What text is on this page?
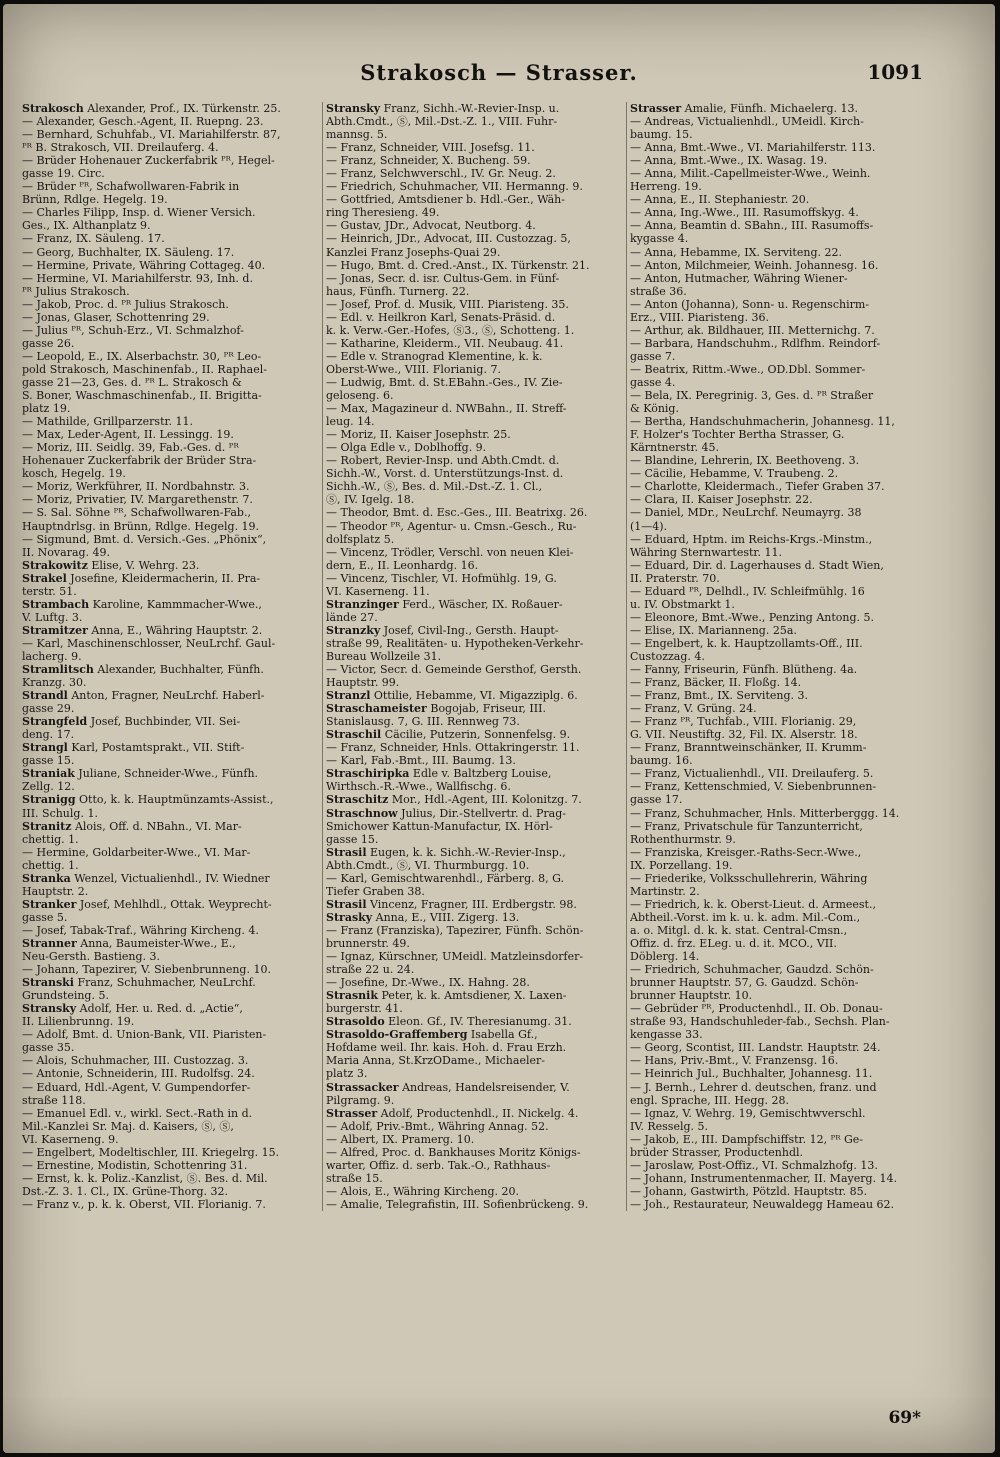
Strakosch — Strasser.	1091
Strakosch Alexander, Prof., IX. Türkenstr. 25.
— Alexander, Gesch.-Agent, II. Ruepng. 23.
— Bernhard, Schuhfab., VI. Mariahilferstr. 87,
ᴾᴿ B. Strakosch, VII. Dreilauferg. 4.
— Brüder Hohenauer Zuckerfabrik ᴾᴿ, Hegel-
gasse 19. Circ.
— Brüder ᴾᴿ, Schafwollwaren-Fabrik in
Brünn, Rdlge. Hegelg. 19.
— Charles Filipp, Insp. d. Wiener Versich.
Ges., IX. Althanplatz 9.
— Franz, IX. Säuleng. 17.
— Georg, Buchhalter, IX. Säuleng. 17.
— Hermine, Private, Währing Cottageg. 40.
— Hermine, VI. Mariahilferstr. 93, Inh. d.
ᴾᴿ Julius Strakosch.
— Jakob, Proc. d. ᴾᴿ Julius Strakosch.
— Jonas, Glaser, Schottenring 29.
— Julius ᴾᴿ, Schuh-Erz., VI. Schmalzhof-
gasse 26.
— Leopold, E., IX. Alserbachstr. 30, ᴾᴿ Leo-
pold Strakosch, Maschinenfab., II. Raphael-
gasse 21—23, Ges. d. ᴾᴿ L. Strakosch &
S. Boner, Waschmaschinenfab., II. Brigitta-
platz 19.
— Mathilde, Grillparzerstr. 11.
— Max, Leder-Agent, II. Lessingg. 19.
— Moriz, III. Seidlg. 39, Fab.-Ges. d. ᴾᴿ
Hohenauer Zuckerfabrik der Brüder Stra-
kosch, Hegelg. 19.
— Moriz, Werkführer, II. Nordbahnstr. 3.
— Moriz, Privatier, IV. Margarethenstr. 7.
— S. Sal. Söhne ᴾᴿ, Schafwollwaren-Fab.,
Hauptndrlsg. in Brünn, Rdlge. Hegelg. 19.
— Sigmund, Bmt. d. Versich.-Ges. „Phönix“,
II. Novarag. 49.
Strakowitz Elise, V. Wehrg. 23.
Strakel Josefine, Kleidermacherin, II. Pra-
terstr. 51.
Strambach Karoline, Kammmacher-Wwe.,
V. Luftg. 3.
Stramitzer Anna, E., Währing Hauptstr. 2.
— Karl, Maschinenschlosser, NeuLrchf. Gaul-
lacherg. 9.
Stramlitsch Alexander, Buchhalter, Fünfh.
Kranzg. 30.
Strandl Anton, Fragner, NeuLrchf. Haberl-
gasse 29.
Strangfeld Josef, Buchbinder, VII. Sei-
deng. 17.
Strangl Karl, Postamtsprakt., VII. Stift-
gasse 15.
Straniak Juliane, Schneider-Wwe., Fünfh.
Zellg. 12.
Stranigg Otto, k. k. Hauptmünzamts-Assist.,
III. Schulg. 1.
Stranitz Alois, Off. d. NBahn., VI. Mar-
chettig. 1.
— Hermine, Goldarbeiter-Wwe., VI. Mar-
chettig. 1.
Stranka Wenzel, Victualienhdl., IV. Wiedner
Hauptstr. 2.
Stranker Josef, Mehlhdl., Ottak. Weyprecht-
gasse 5.
— Josef, Tabak-Traf., Währing Kircheng. 4.
Stranner Anna, Baumeister-Wwe., E.,
Neu-Gersth. Bastieng. 3.
— Johann, Tapezirer, V. Siebenbrunneng. 10.
Stranski Franz, Schuhmacher, NeuLrchf.
Grundsteing. 5.
Stransky Adolf, Her. u. Red. d. „Actie“,
II. Lilienbrunng. 19.
— Adolf, Bmt. d. Union-Bank, VII. Piaristen-
gasse 35.
— Alois, Schuhmacher, III. Custozzag. 3.
— Antonie, Schneiderin, III. Rudolfsg. 24.
— Eduard, Hdl.-Agent, V. Gumpendorfer-
straße 118.
— Emanuel Edl. v., wirkl. Sect.-Rath in d.
Mil.-Kanzlei Sr. Maj. d. Kaisers, Ⓢ, Ⓢ,
VI. Kaserneng. 9.
— Engelbert, Modeltischler, III. Kriegelrg. 15.
— Ernestine, Modistin, Schottenring 31.
— Ernst, k. k. Poliz.-Kanzlist, Ⓢ. Bes. d. Mil.
Dst.-Z. 3. 1. Cl., IX. Grüne-Thorg. 32.
— Franz v., p. k. k. Oberst, VII. Florianig. 7.
Stransky Franz, Sichh.-W.-Revier-Insp. u.
Abth.Cmdt., Ⓢ, Mil.-Dst.-Z. 1., VIII. Fuhr-
mannsg. 5.
— Franz, Schneider, VIII. Josefsg. 11.
— Franz, Schneider, X. Bucheng. 59.
— Franz, Selchwverschl., IV. Gr. Neug. 2.
— Friedrich, Schuhmacher, VII. Hermanng. 9.
— Gottfried, Amtsdiener b. Hdl.-Ger., Wäh-
ring Theresieng. 49.
— Gustav, JDr., Advocat, Neutborg. 4.
— Heinrich, JDr., Advocat, III. Custozzag. 5,
Kanzlei Franz Josephs-Quai 29.
— Hugo, Bmt. d. Cred.-Anst., IX. Türkenstr. 21.
— Jonas, Secr. d. isr. Cultus-Gem. in Fünf-
haus, Fünfh. Turnerg. 22.
— Josef, Prof. d. Musik, VIII. Piaristeng. 35.
— Edl. v. Heilkron Karl, Senats-Präsid. d.
k. k. Verw.-Ger.-Hofes, Ⓢ3., Ⓢ, Schotteng. 1.
— Katharine, Kleiderm., VII. Neubaug. 41.
— Edle v. Stranograd Klementine, k. k.
Oberst-Wwe., VIII. Florianig. 7.
— Ludwig, Bmt. d. St.EBahn.-Ges., IV. Zie-
geloseng. 6.
— Max, Magazineur d. NWBahn., II. Streff-
leug. 14.
— Moriz, II. Kaiser Josephstr. 25.
— Olga Edle v., Doblhoffg. 9.
— Robert, Revier-Insp. und Abth.Cmdt. d.
Sichh.-W., Vorst. d. Unterstützungs-Inst. d.
Sichh.-W., Ⓢ, Bes. d. Mil.-Dst.-Z. 1. Cl.,
Ⓢ, IV. Igelg. 18.
— Theodor, Bmt. d. Esc.-Ges., III. Beatrixg. 26.
— Theodor ᴾᴿ, Agentur- u. Cmsn.-Gesch., Ru-
dolfsplatz 5.
— Vincenz, Trödler, Verschl. von neuen Klei-
dern, E., II. Leonhardg. 16.
— Vincenz, Tischler, VI. Hofmühlg. 19, G.
VI. Kaserneng. 11.
Stranzinger Ferd., Wäscher, IX. Roßauer-
lände 27.
Stranzky Josef, Civil-Ing., Gersth. Haupt-
straße 99, Realitäten- u. Hypotheken-Verkehr-
Bureau Wollzeile 31.
— Victor, Secr. d. Gemeinde Gersthof, Gersth.
Hauptstr. 99.
Stranzl Ottilie, Hebamme, VI. Migazziplg. 6.
Straschameister Bogojab, Friseur, III.
Stanislausg. 7, G. III. Rennweg 73.
Straschil Cäcilie, Putzerin, Sonnenfelsg. 9.
— Franz, Schneider, Hnls. Ottakringerstr. 11.
— Karl, Fab.-Bmt., III. Baumg. 13.
Straschiripka Edle v. Baltzberg Louise,
Wirthsch.-R.-Wwe., Wallfischg. 6.
Straschitz Mor., Hdl.-Agent, III. Kolonitzg. 7.
Straschnow Julius, Dir.-Stellvertr. d. Prag-
Smichower Kattun-Manufactur, IX. Hörl-
gasse 15.
Strasil Eugen, k. k. Sichh.-W.-Revier-Insp.,
Abth.Cmdt., Ⓢ, VI. Thurmburgg. 10.
— Karl, Gemischtwarenhdl., Färberg. 8, G.
Tiefer Graben 38.
Strasil Vincenz, Fragner, III. Erdbergstr. 98.
Strasky Anna, E., VIII. Zigerg. 13.
— Franz (Franziska), Tapezirer, Fünfh. Schön-
brunnerstr. 49.
— Ignaz, Kürschner, UMeidl. Matzleinsdorfer-
straße 22 u. 24.
— Josefine, Dr.-Wwe., IX. Hahng. 28.
Strasnik Peter, k. k. Amtsdiener, X. Laxen-
burgerstr. 41.
Strasoldo Eleon. Gf., IV. Theresianumg. 31.
Strasoldo-Graffemberg Isabella Gf.,
Hofdame weil. Ihr. kais. Hoh. d. Frau Erzh.
Maria Anna, St.KrzODame., Michaeler-
platz 3.
Strassacker Andreas, Handelsreisender, V.
Pilgramg. 9.
Strasser Adolf, Productenhdl., II. Nickelg. 4.
— Adolf, Priv.-Bmt., Währing Annag. 52.
— Albert, IX. Pramerg. 10.
— Alfred, Proc. d. Bankhauses Moritz Königs-
warter, Offiz. d. serb. Tak.-O., Rathhaus-
straße 15.
— Alois, E., Währing Kircheng. 20.
— Amalie, Telegrafistin, III. Sofienbrückeng. 9.
Strasser Amalie, Fünfh. Michaelerg. 13.
— Andreas, Victualienhdl., UMeidl. Kirch-
baumg. 15.
— Anna, Bmt.-Wwe., VI. Mariahilferstr. 113.
— Anna, Bmt.-Wwe., IX. Wasag. 19.
— Anna, Milit.-Capellmeister-Wwe., Weinh.
Herreng. 19.
— Anna, E., II. Stephaniestr. 20.
— Anna, Ing.-Wwe., III. Rasumoffskyg. 4.
— Anna, Beamtin d. SBahn., III. Rasumoffs-
kygasse 4.
— Anna, Hebamme, IX. Serviteng. 22.
— Anton, Milchmeier, Weinh. Johannesg. 16.
— Anton, Hutmacher, Währing Wiener-
straße 36.
— Anton (Johanna), Sonn- u. Regenschirm-
Erz., VIII. Piaristeng. 36.
— Arthur, ak. Bildhauer, III. Metternichg. 7.
— Barbara, Handschuhm., Rdlfhm. Reindorf-
gasse 7.
— Beatrix, Rittm.-Wwe., OD.Dbl. Sommer-
gasse 4.
— Bela, IX. Peregrinig. 3, Ges. d. ᴾᴿ Straßer
& König.
— Bertha, Handschuhmacherin, Johannesg. 11,
F. Holzer's Tochter Bertha Strasser, G.
Kärntnerstr. 45.
— Blandine, Lehrerin, IX. Beethoveng. 3.
— Cäcilie, Hebamme, V. Traubeng. 2.
— Charlotte, Kleidermach., Tiefer Graben 37.
— Clara, II. Kaiser Josephstr. 22.
— Daniel, MDr., NeuLrchf. Neumayrg. 38
(1—4).
— Eduard, Hptm. im Reichs-Krgs.-Minstm.,
Währing Sternwartestr. 11.
— Eduard, Dir. d. Lagerhauses d. Stadt Wien,
II. Praterstr. 70.
— Eduard ᴾᴿ, Delhdl., IV. Schleifmühlg. 16
u. IV. Obstmarkt 1.
— Eleonore, Bmt.-Wwe., Penzing Antong. 5.
— Elise, IX. Marianneng. 25a.
— Engelbert, k. k. Hauptzollamts-Off., III.
Custozzag. 4.
— Fanny, Friseurin, Fünfh. Blütheng. 4a.
— Franz, Bäcker, II. Floßg. 14.
— Franz, Bmt., IX. Serviteng. 3.
— Franz, V. Grüng. 24.
— Franz ᴾᴿ, Tuchfab., VIII. Florianig. 29,
G. VII. Neustiftg. 32, Fil. IX. Alserstr. 18.
— Franz, Branntweinschänker, II. Krumm-
baumg. 16.
— Franz, Victualienhdl., VII. Dreilauferg. 5.
— Franz, Kettenschmied, V. Siebenbrunnen-
gasse 17.
— Franz, Schuhmacher, Hnls. Mitterberggg. 14.
— Franz, Privatschule für Tanzunterricht,
Rothenthurmstr. 9.
— Franziska, Kreisger.-Raths-Secr.-Wwe.,
IX. Porzellang. 19.
— Friederike, Volksschullehrerin, Währing
Martinstr. 2.
— Friedrich, k. k. Oberst-Lieut. d. Armeest.,
Abtheil.-Vorst. im k. u. k. adm. Mil.-Com.,
a. o. Mitgl. d. k. k. stat. Central-Cmsn.,
Offiz. d. frz. ELeg. u. d. it. MCO., VII.
Döblerg. 14.
— Friedrich, Schuhmacher, Gaudzd. Schön-
brunner Hauptstr. 57, G. Gaudzd. Schön-
brunner Hauptstr. 10.
— Gebrüder ᴾᴿ, Productenhdl., II. Ob. Donau-
straße 93, Handschuhleder-fab., Sechsh. Plan-
kengasse 33.
— Georg, Scontist, III. Landstr. Hauptstr. 24.
— Hans, Priv.-Bmt., V. Franzensg. 16.
— Heinrich Jul., Buchhalter, Johannesg. 11.
— J. Bernh., Lehrer d. deutschen, franz. und
engl. Sprache, III. Hegg. 28.
— Ignaz, V. Wehrg. 19, Gemischtwverschl.
IV. Resselg. 5.
— Jakob, E., III. Dampfschiffstr. 12, ᴾᴿ Ge-
brüder Strasser, Productenhdl.
— Jaroslaw, Post-Offiz., VI. Schmalzhofg. 13.
— Johann, Instrumentenmacher, II. Mayerg. 14.
— Johann, Gastwirth, Pötzld. Hauptstr. 85.
— Joh., Restaurateur, Neuwaldegg Hameau 62.
69*
